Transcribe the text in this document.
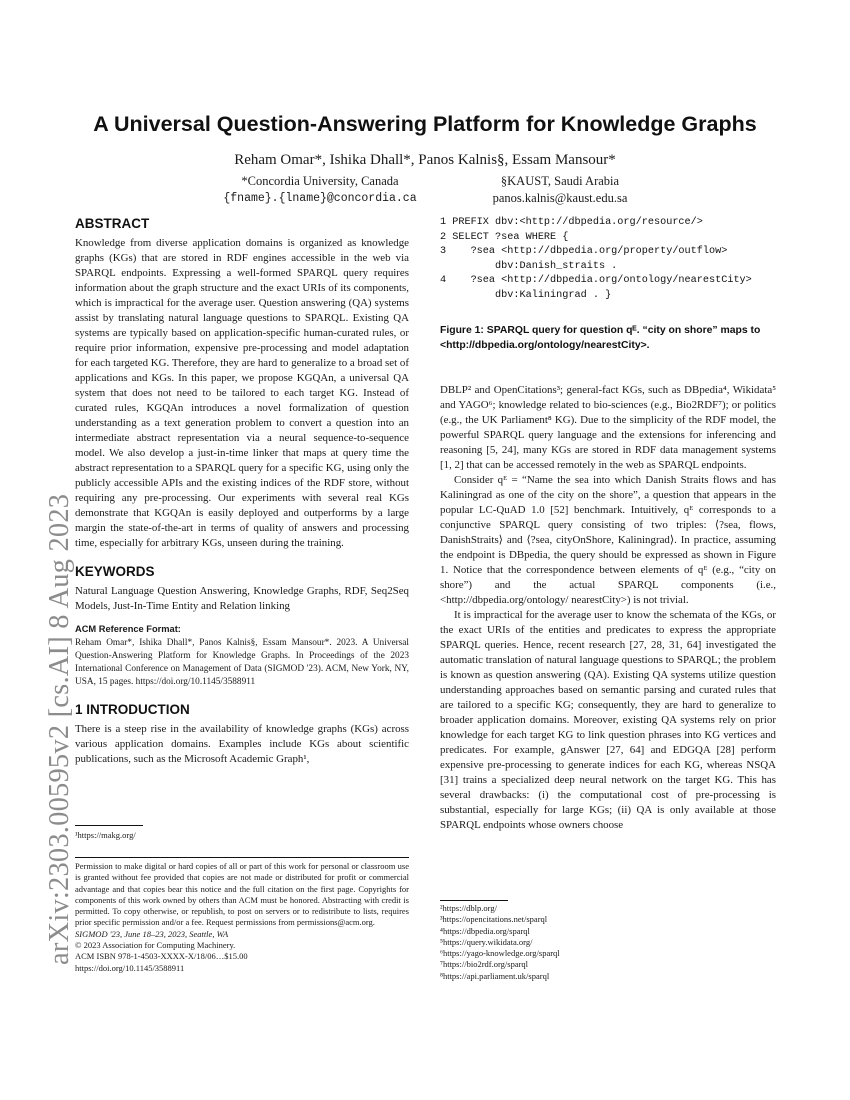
arXiv:2303.00595v2 [cs.AI] 8 Aug 2023
A Universal Question-Answering Platform for Knowledge Graphs
Reham Omar*, Ishika Dhall*, Panos Kalnis§, Essam Mansour*
*Concordia University, Canada
{fname}.{lname}@concordia.ca
§KAUST, Saudi Arabia
panos.kalnis@kaust.edu.sa
ABSTRACT

Knowledge from diverse application domains is organized as knowledge graphs (KGs) that are stored in RDF engines accessible in the web via SPARQL endpoints. Expressing a well-formed SPARQL query requires information about the graph structure and the exact URIs of its components, which is impractical for the average user. Question answering (QA) systems assist by translating natural language questions to SPARQL. Existing QA systems are typically based on application-specific human-curated rules, or require prior information, expensive pre-processing and model adaptation for each targeted KG. Therefore, they are hard to generalize to a broad set of applications and KGs. In this paper, we propose KGQAn, a universal QA system that does not need to be tailored to each target KG. Instead of curated rules, KGQAn introduces a novel formalization of question understanding as a text generation problem to convert a question into an intermediate abstract representation via a neural sequence-to-sequence model. We also develop a just-in-time linker that maps at query time the abstract representation to a SPARQL query for a specific KG, using only the publicly accessible APIs and the existing indices of the RDF store, without requiring any pre-processing. Our experiments with several real KGs demonstrate that KGQAn is easily deployed and outperforms by a large margin the state-of-the-art in terms of quality of answers and processing time, especially for arbitrary KGs, unseen during the training.

KEYWORDS

Natural Language Question Answering, Knowledge Graphs, RDF, Seq2Seq Models, Just-In-Time Entity and Relation linking

ACM Reference Format:

Reham Omar*, Ishika Dhall*, Panos Kalnis§, Essam Mansour*. 2023. A Universal Question-Answering Platform for Knowledge Graphs. In Proceedings of the 2023 International Conference on Management of Data (SIGMOD '23). ACM, New York, NY, USA, 15 pages. https://doi.org/10.1145/3588911

1 INTRODUCTION

There is a steep rise in the availability of knowledge graphs (KGs) across various application domains. Examples include KGs about scientific publications, such as the Microsoft Academic Graph¹,

¹https://makg.org/

Permission to make digital or hard copies of all or part of this work for personal or classroom use is granted without fee provided that copies are not made or distributed for profit or commercial advantage and that copies bear this notice and the full citation on the first page. Copyrights for components of this work owned by others than ACM must be honored. Abstracting with credit is permitted. To copy otherwise, or republish, to post on servers or to redistribute to lists, requires prior specific permission and/or a fee. Request permissions from permissions@acm.org.

SIGMOD '23, June 18–23, 2023, Seattle, WA
© 2023 Association for Computing Machinery.
ACM ISBN 978-1-4503-XXXX-X/18/06…$15.00
https://doi.org/10.1145/3588911
1 PREFIX dbv:<http://dbpedia.org/resource/>
2 SELECT ?sea WHERE {
3    ?sea <http://dbpedia.org/property/outflow>
dbv:Danish_straits .
4    ?sea <http://dbpedia.org/ontology/nearestCity>
dbv:Kaliningrad . }
Figure 1: SPARQL query for question qᴱ. “city on shore” maps to <http://dbpedia.org/ontology/nearestCity>.

DBLP² and OpenCitations³; general-fact KGs, such as DBpedia⁴, Wikidata⁵ and YAGO⁶; knowledge related to bio-sciences (e.g., Bio2RDF⁷); or politics (e.g., the UK Parliament⁸ KG). Due to the simplicity of the RDF model, the powerful SPARQL query language and the extensions for inferencing and reasoning [5, 24], many KGs are stored in RDF data management systems [1, 2] that can be accessed remotely in the web as SPARQL endpoints.

Consider qᴱ = “Name the sea into which Danish Straits flows and has Kaliningrad as one of the city on the shore”, a question that appears in the popular LC-QuAD 1.0 [52] benchmark. Intuitively, qᴱ corresponds to a conjunctive SPARQL query consisting of two triples: ⟨?sea, flows, DanishStraits⟩ and ⟨?sea, cityOnShore, Kaliningrad⟩. In practice, assuming the endpoint is DBpedia, the query should be expressed as shown in Figure 1. Notice that the correspondence between elements of qᴱ (e.g., “city on shore”) and the actual SPARQL components (i.e., <http://dbpedia.org/ontology/ nearestCity>) is not trivial.

It is impractical for the average user to know the schemata of the KGs, or the exact URIs of the entities and predicates to express the appropriate SPARQL queries. Hence, recent research [27, 28, 31, 64] investigated the automatic translation of natural language questions to SPARQL; the problem is known as question answering (QA). Existing QA systems utilize question understanding approaches based on semantic parsing and curated rules that are tailored to a specific KG; consequently, they are hard to generalize to broader application domains. Moreover, existing QA systems rely on prior knowledge for each target KG to link question phrases into KG vertices and predicates. For example, gAnswer [27, 64] and EDGQA [28] perform expensive pre-processing to generate indices for each KG, whereas NSQA [31] trains a specialized deep neural network on the target KG. This has several drawbacks: (i) the computational cost of pre-processing is substantial, especially for large KGs; (ii) QA is only available at those SPARQL endpoints whose owners choose

²https://dblp.org/
³https://opencitations.net/sparql
⁴https://dbpedia.org/sparql
⁵https://query.wikidata.org/
⁶https://yago-knowledge.org/sparql
⁷https://bio2rdf.org/sparql
⁸https://api.parliament.uk/sparql
